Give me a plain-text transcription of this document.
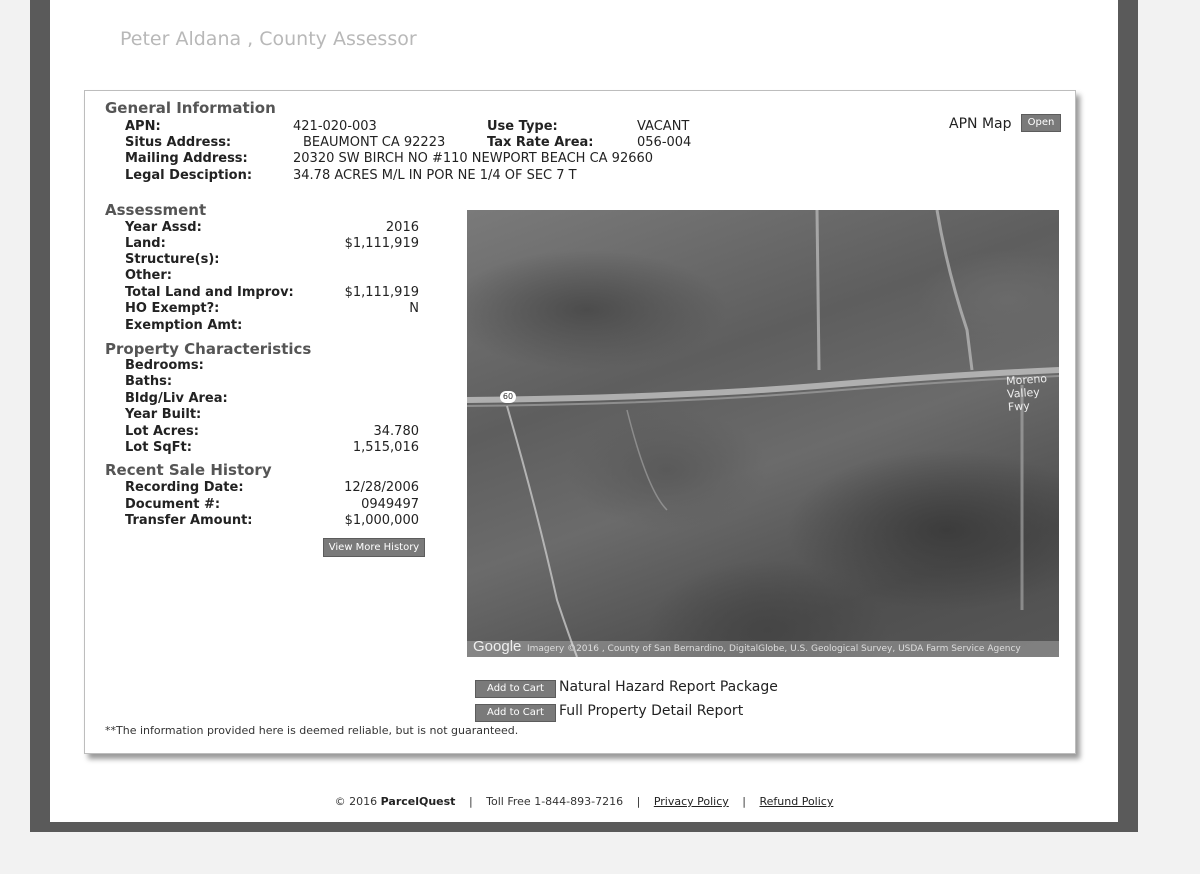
Peter Aldana , County Assessor
General Information
APN:	421-020-003	Use Type:	VACANT
Situs Address:	BEAUMONT CA 92223	Tax Rate Area:	056-004
Mailing Address:	20320 SW BIRCH NO #110 NEWPORT BEACH CA 92660
Legal Desciption:	34.78 ACRES M/L IN POR NE 1/4 OF SEC 7 T
APN Map	Open
Assessment
Year Assd:	2016
Land:	$1,111,919
Structure(s):
Other:
Total Land and Improv:	$1,111,919
HO Exempt?:	N
Exemption Amt:
Property Characteristics
Bedrooms:
Baths:
Bldg/Liv Area:
Year Built:
Lot Acres:	34.780
Lot SqFt:	1,515,016
Recent Sale History
Recording Date:	12/28/2006
Document #:	0949497
Transfer Amount:	$1,000,000
View More History
60
Moreno Valley Fwy
Google Imagery ©2016 , County of San Bernardino, DigitalGlobe, U.S. Geological Survey, USDA Farm Service Agency
Add to Cart	Natural Hazard Report Package
Add to Cart	Full Property Detail Report
**The information provided here is deemed reliable, but is not guaranteed.
© 2016 ParcelQuest | Toll Free 1-844-893-7216 | Privacy Policy | Refund Policy
